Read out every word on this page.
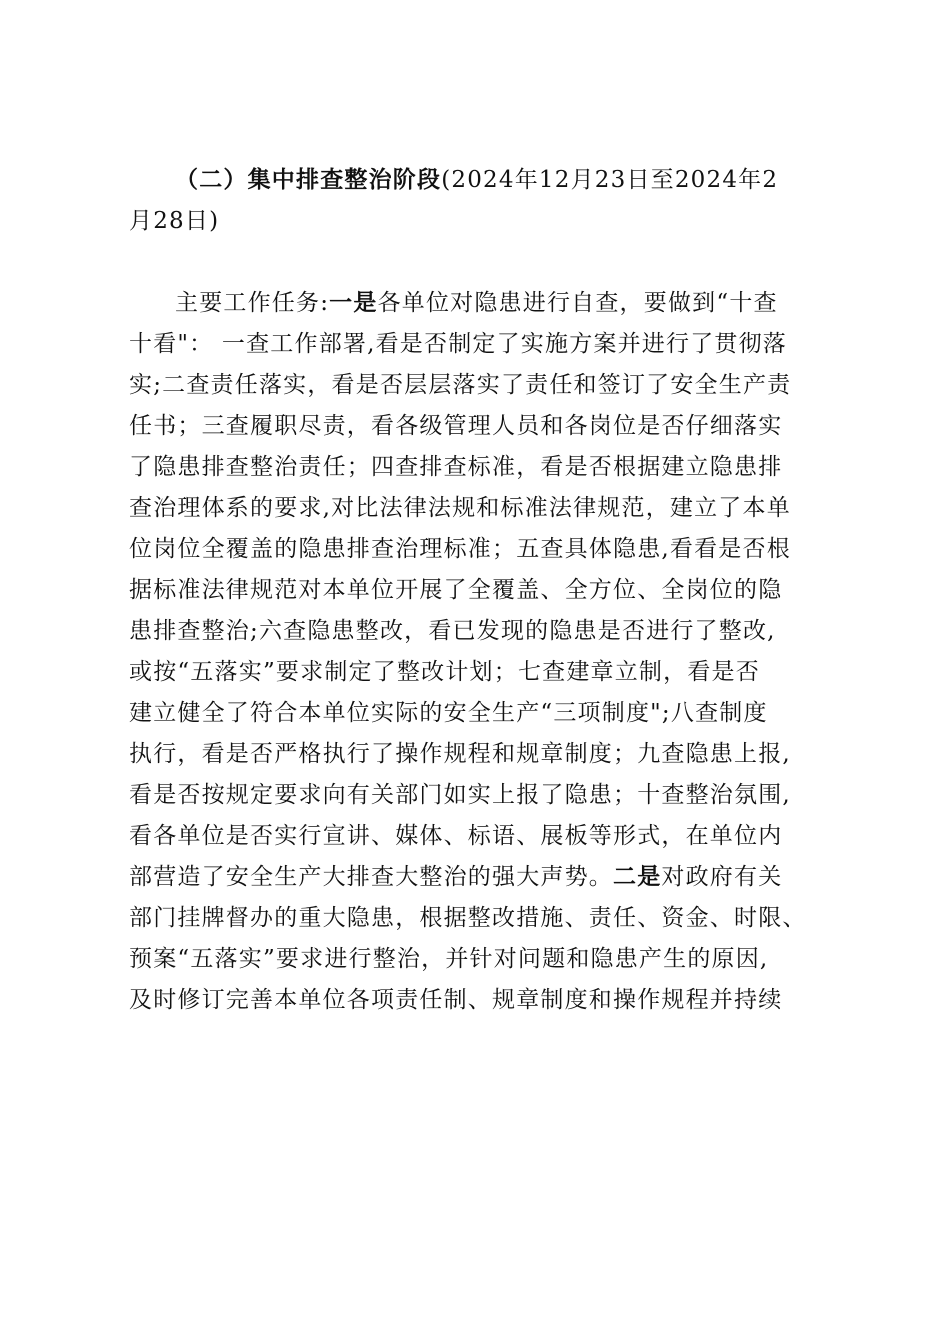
（二）集中排查整治阶段(2024年12月23日至2024年2
月28日)
主要工作任务:一是各单位对隐患进行自查，要做到“十查
十看"： 一查工作部署,看是否制定了实施方案并进行了贯彻落
实;二查责任落实，看是否层层落实了责任和签订了安全生产责
任书；三查履职尽责，看各级管理人员和各岗位是否仔细落实
了隐患排查整治责任；四查排查标准，看是否根据建立隐患排
查治理体系的要求,对比法律法规和标准法律规范，建立了本单
位岗位全覆盖的隐患排查治理标准；五查具体隐患,看看是否根
据标准法律规范对本单位开展了全覆盖、全方位、全岗位的隐
患排查整治;六查隐患整改，看已发现的隐患是否进行了整改,
或按“五落实”要求制定了整改计划；七查建章立制，看是否
建立健全了符合本单位实际的安全生产“三项制度";八查制度
执行，看是否严格执行了操作规程和规章制度；九查隐患上报,
看是否按规定要求向有关部门如实上报了隐患；十查整治氛围,
看各单位是否实行宣讲、媒体、标语、展板等形式，在单位内
部营造了安全生产大排查大整治的强大声势。二是对政府有关
部门挂牌督办的重大隐患，根据整改措施、责任、资金、时限、
预案“五落实”要求进行整治，并针对问题和隐患产生的原因,
及时修订完善本单位各项责任制、规章制度和操作规程并持续
